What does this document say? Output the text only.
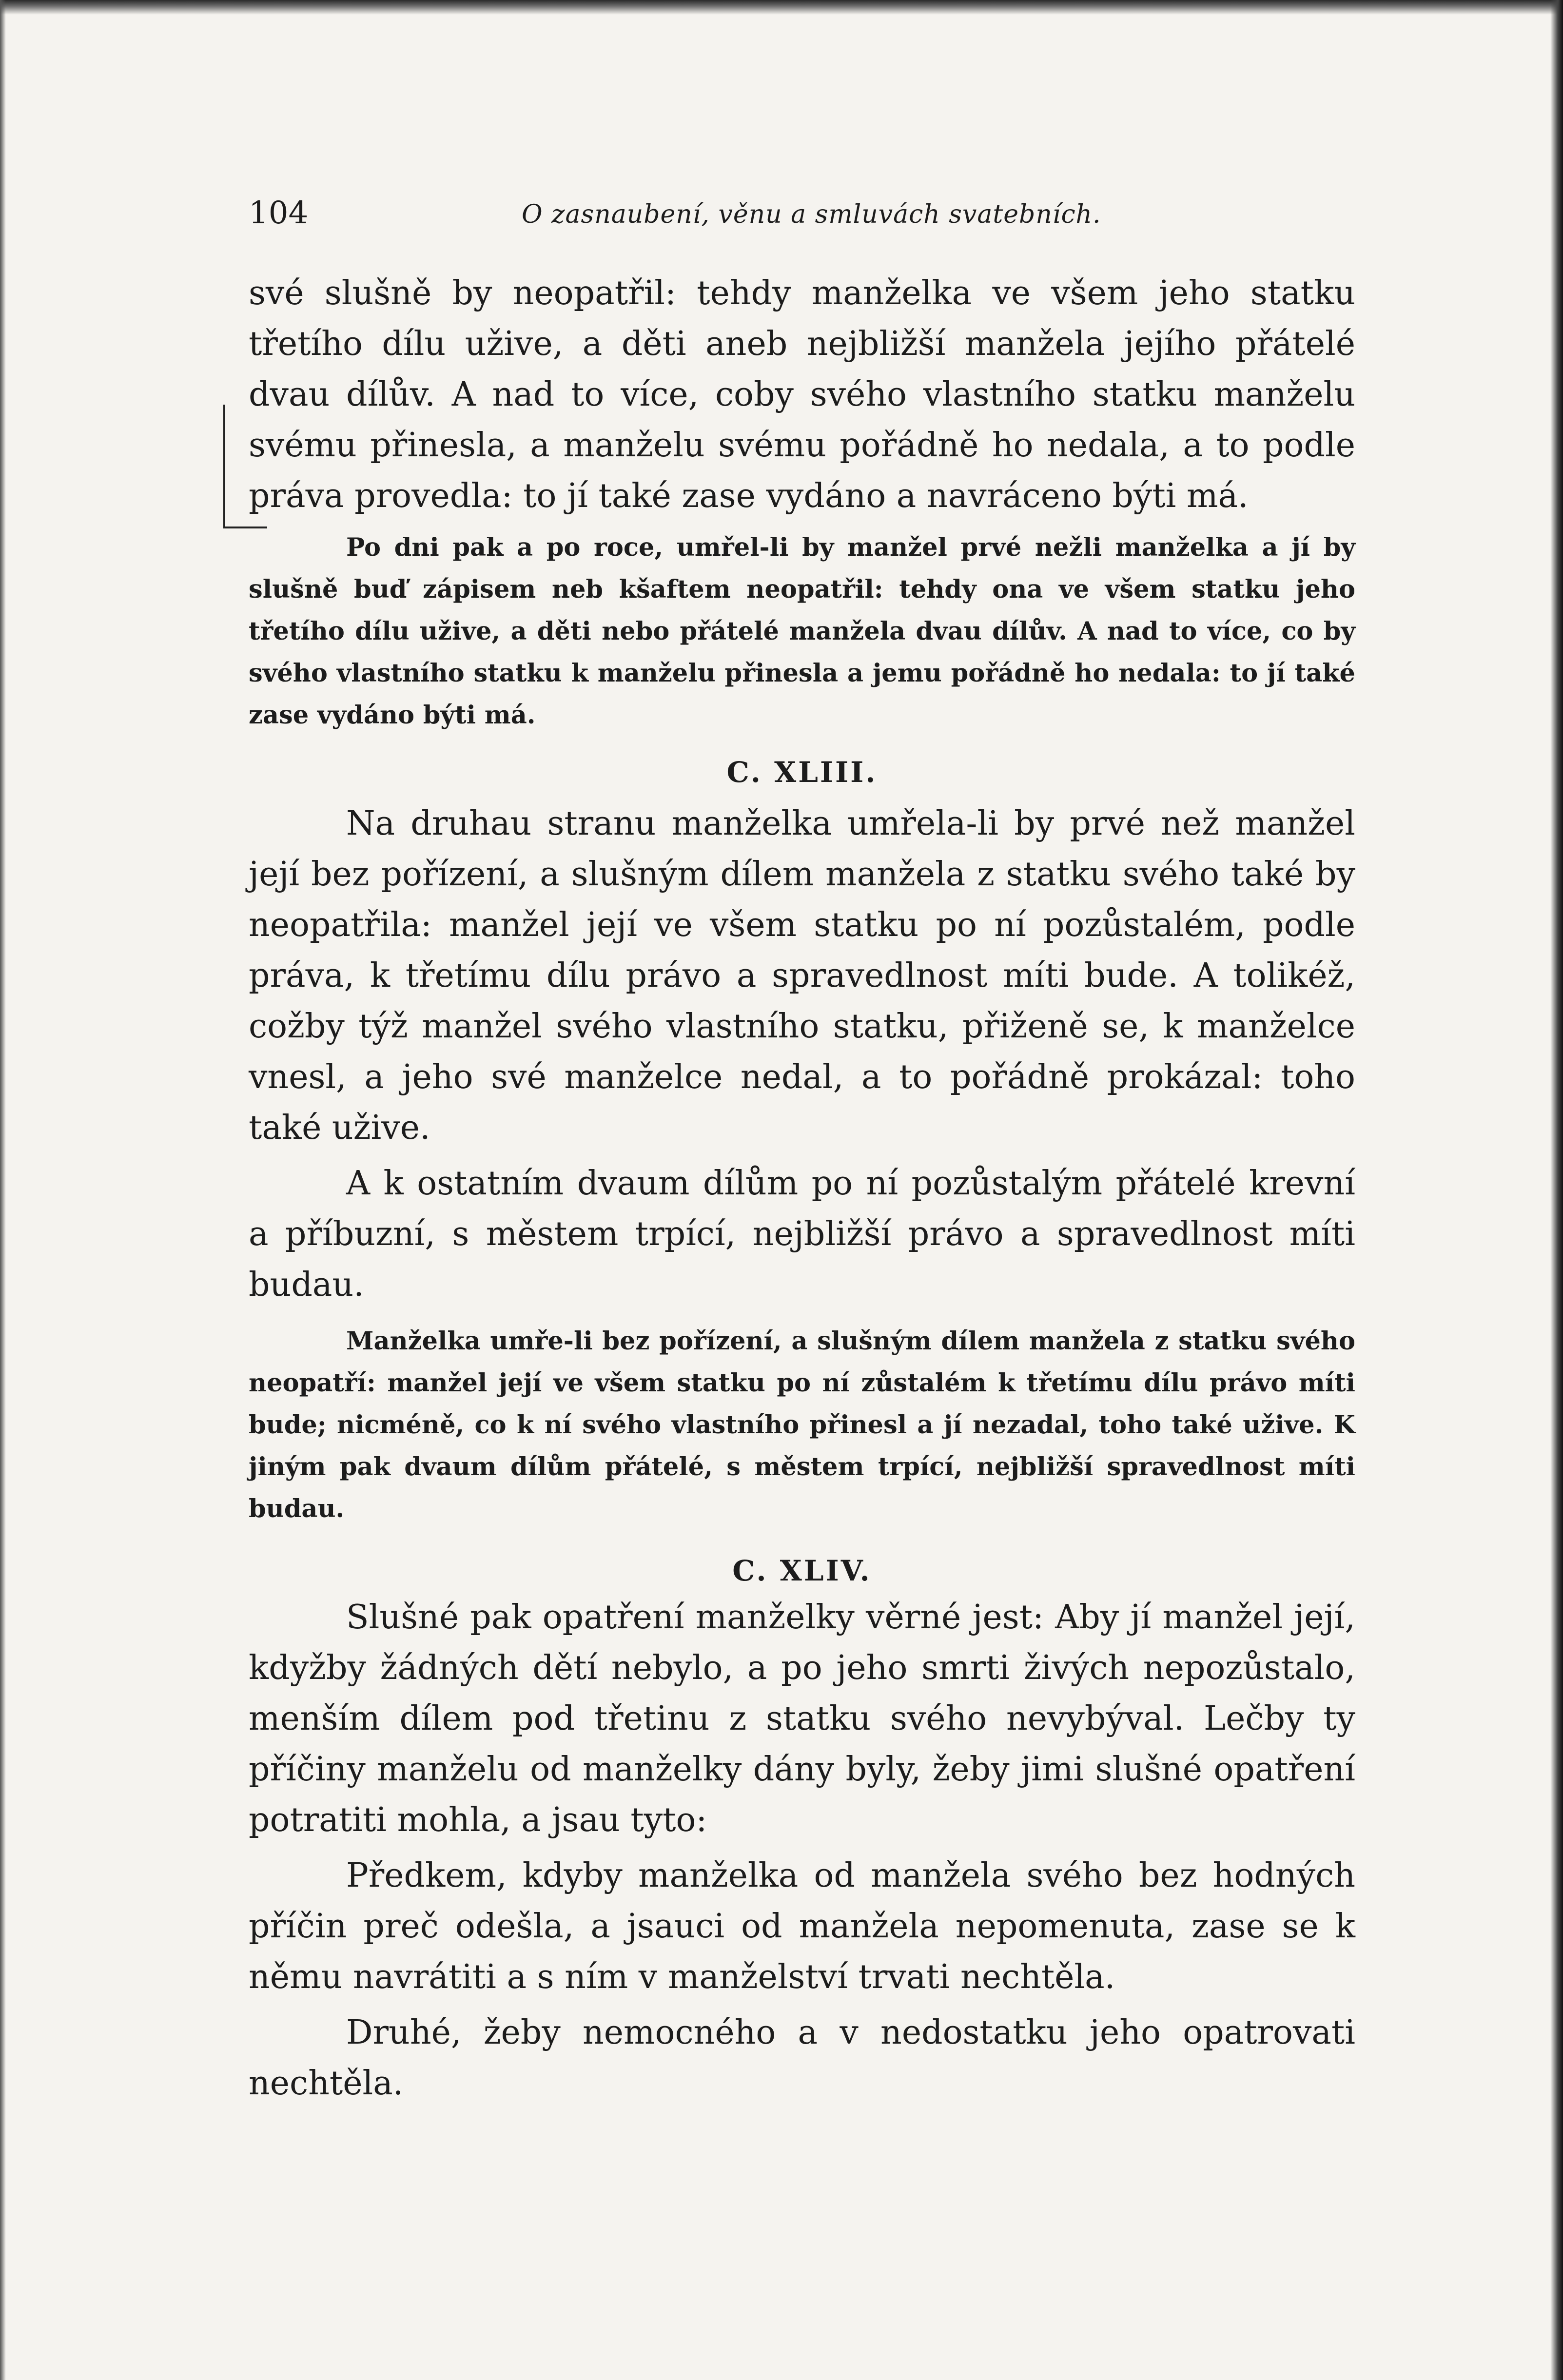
104	O zasnaubení, věnu a smluvách svatebních.

své slušně by neopatřil: tehdy manželka ve všem jeho statku třetího dílu uživе, a děti aneb nejbližší manžela jejího přátelé dvau dílův. A nad to více, coby svého vlastního statku manželu svému přinesla, a manželu svému pořádně ho nedala, a to podle práva provedla: to jí také zase vydáno a navráceno býti má.

Po dni pak a po roce, umřel-li by manžel prvé nežli manželka a jí by slušně buď zápisem neb kšaftem neopatřil: tehdy ona ve všem statku jeho třetího dílu uživе, a děti nebo přátelé manžela dvau dílův. A nad to více, co by svého vlastního statku k manželu přinesla a jemu pořádně ho nedala: to jí také zase vydáno býti má.

C. XLIII.

Na druhau stranu manželka umřela-li by prvé než manžel její bez pořízení, a slušným dílem manžela z statku svého také by neopatřila: manžel její ve všem statku po ní pozůstalém, podle práva, k třetímu dílu právo a spravedlnost míti bude. A tolikéž, cožby týž manžel svého vlastního statku, přiženě se, k manželce vnesl, a jeho své manželce nedal, a to pořádně prokázal: toho také uživе.

A k ostatním dvaum dílům po ní pozůstalým přátelé krevní a příbuzní, s městem trpící, nejbližší právo a spravedlnost míti budau.

Manželka umře-li bez pořízení, a slušným dílem manžela z statku svého neopatří: manžel její ve všem statku po ní zůstalém k třetímu dílu právo míti bude; nicméně, co k ní svého vlastního přinesl a jí nezadal, toho také uživе. K jiným pak dvaum dílům přátelé, s městem trpící, nejbližší spravedlnost míti budau.

C. XLIV.

Slušné pak opatření manželky věrné jest: Aby jí manžel její, kdyžby žádných dětí nebylo, a po jeho smrti živých nepozůstalo, menším dílem pod třetinu z statku svého nevybýval. Lečby ty příčiny manželu od manželky dány byly, žeby jimi slušné opatření potratiti mohla, a jsau tyto:

Předkem, kdyby manželka od manžela svého bez hodných příčin preč odešla, a jsauci od manžela nepomenuta, zase se k němu navrátiti a s ním v manželství trvati nechtěla.

Druhé, žeby nemocného a v nedostatku jeho opatrovati nechtěla.
